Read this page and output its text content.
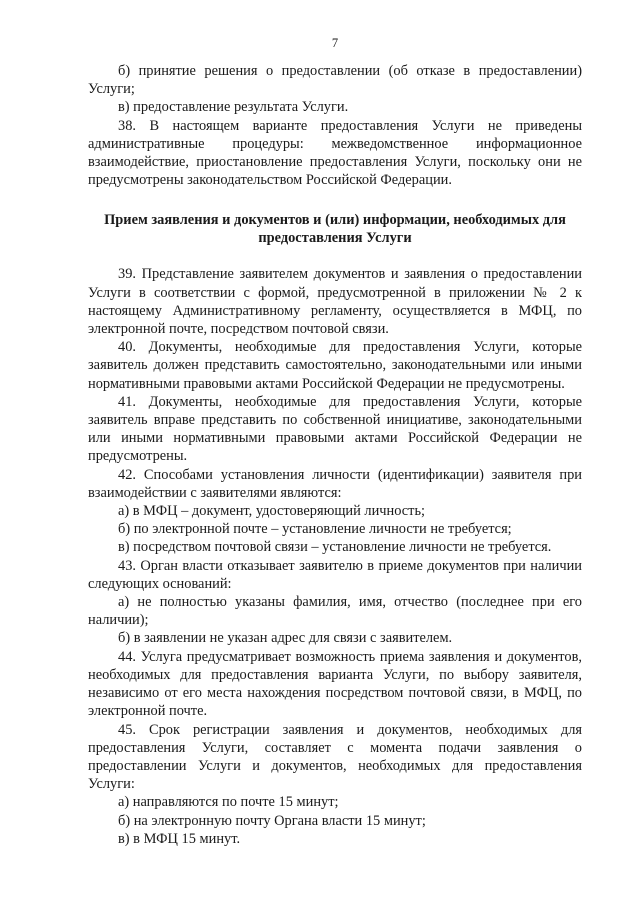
7

б) принятие решения о предоставлении (об отказе в предоставлении) Услуги;

в) предоставление результата Услуги.

38. В настоящем варианте предоставления Услуги не приведены административные процедуры: межведомственное информационное взаимодействие, приостановление предоставления Услуги, поскольку они не предусмотрены законодательством Российской Федерации.

Прием заявления и документов и (или) информации, необходимых для предоставления Услуги

39. Представление заявителем документов и заявления о предоставлении Услуги в соответствии с формой, предусмотренной в приложении № 2 к настоящему Административному регламенту, осуществляется в МФЦ, по электронной почте, посредством почтовой связи.

40. Документы, необходимые для предоставления Услуги, которые заявитель должен представить самостоятельно, законодательными или иными нормативными правовыми актами Российской Федерации не предусмотрены.

41. Документы, необходимые для предоставления Услуги, которые заявитель вправе представить по собственной инициативе, законодательными или иными нормативными правовыми актами Российской Федерации не предусмотрены.

42. Способами установления личности (идентификации) заявителя при взаимодействии с заявителями являются:

а) в МФЦ – документ, удостоверяющий личность;

б) по электронной почте – установление личности не требуется;

в) посредством почтовой связи – установление личности не требуется.

43. Орган власти отказывает заявителю в приеме документов при наличии следующих оснований:

а) не полностью указаны фамилия, имя, отчество (последнее при его наличии);

б) в заявлении не указан адрес для связи с заявителем.

44. Услуга предусматривает возможность приема заявления и документов, необходимых для предоставления варианта Услуги, по выбору заявителя, независимо от его места нахождения посредством почтовой связи, в МФЦ, по электронной почте.

45. Срок регистрации заявления и документов, необходимых для предоставления Услуги, составляет с момента подачи заявления о предоставлении Услуги и документов, необходимых для предоставления Услуги:

а) направляются по почте 15 минут;

б) на электронную почту Органа власти 15 минут;

в) в МФЦ 15 минут.
